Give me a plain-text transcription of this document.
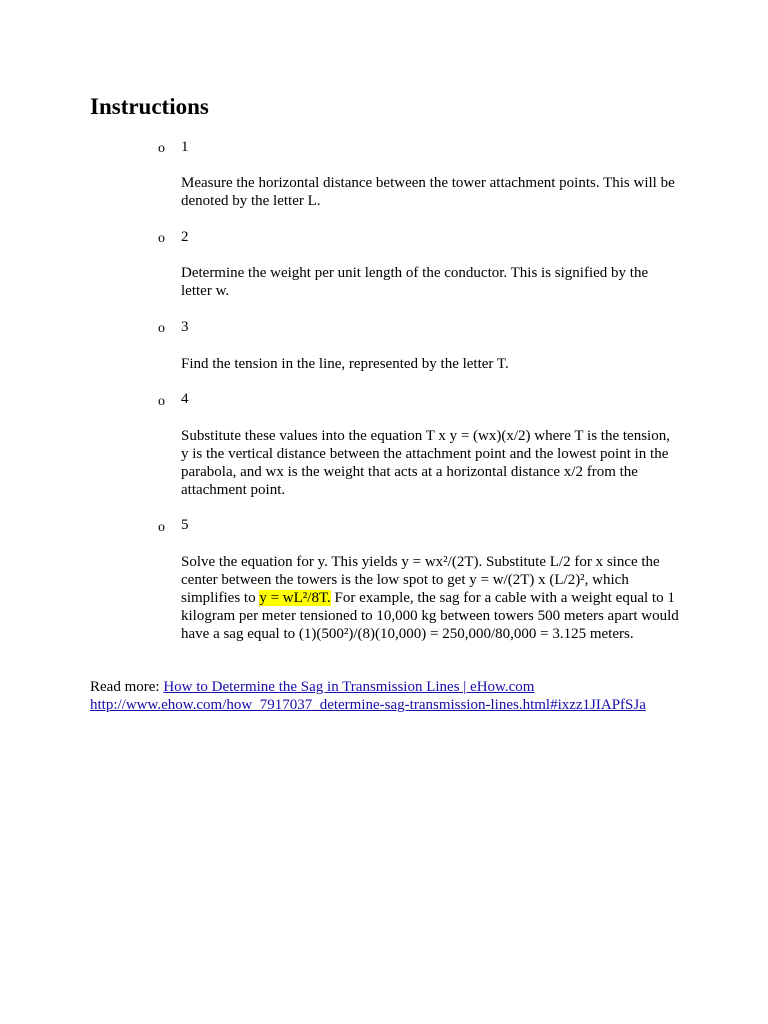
Instructions
o 1

Measure the horizontal distance between the tower attachment points. This will be denoted by the letter L.

o 2

Determine the weight per unit length of the conductor. This is signified by the letter w.

o 3

Find the tension in the line, represented by the letter T.

o 4

Substitute these values into the equation T x y = (wx)(x/2) where T is the tension, y is the vertical distance between the attachment point and the lowest point in the parabola, and wx is the weight that acts at a horizontal distance x/2 from the attachment point.

o 5

Solve the equation for y. This yields y = wx²/(2T). Substitute L/2 for x since the center between the towers is the low spot to get y = w/(2T) x (L/2)², which simplifies to y = wL²/8T. For example, the sag for a cable with a weight equal to 1 kilogram per meter tensioned to 10,000 kg between towers 500 meters apart would have a sag equal to (1)(500²)/(8)(10,000) = 250,000/80,000 = 3.125 meters.

Read more: How to Determine the Sag in Transmission Lines | eHow.com
http://www.ehow.com/how_7917037_determine-sag-transmission-lines.html#ixzz1JIAPfSJa
